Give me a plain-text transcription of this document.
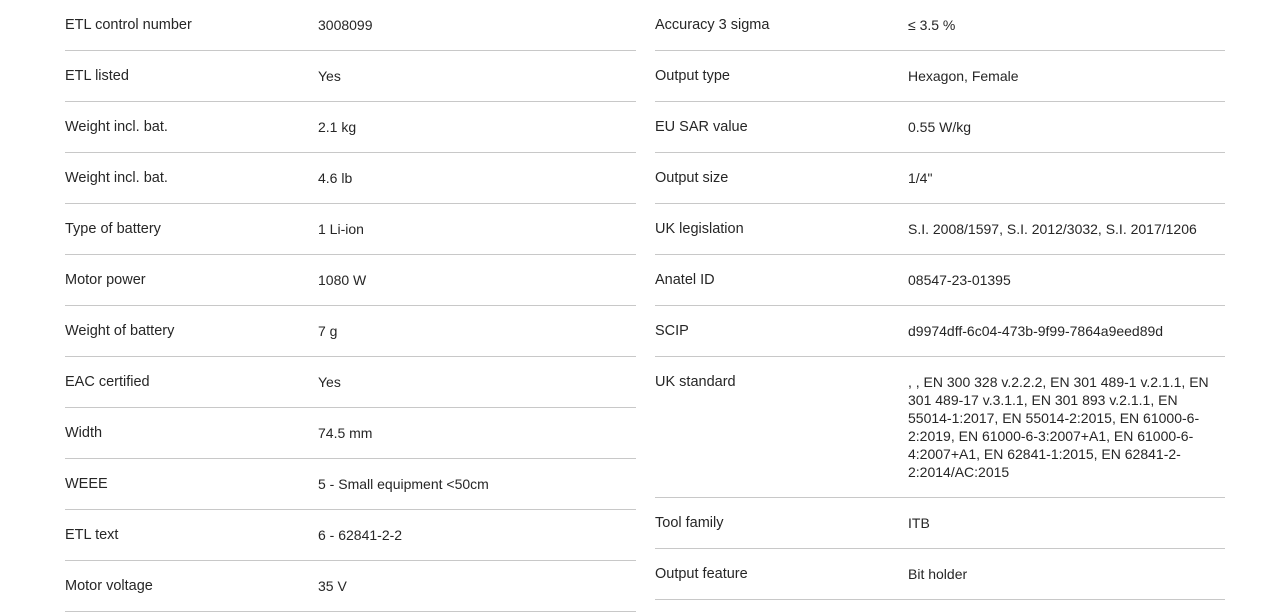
ETL control number	3008099
ETL listed	Yes
Weight incl. bat.	2.1 kg
Weight incl. bat.	4.6 lb
Type of battery	1 Li-ion
Motor power	1080 W
Weight of battery	7 g
EAC certified	Yes
Width	74.5 mm
WEEE	5 - Small equipment <50cm
ETL text	6 - 62841-2-2
Motor voltage	35 V
Accuracy 3 sigma	≤ 3.5 %
Output type	Hexagon, Female
EU SAR value	0.55 W/kg
Output size	1/4"
UK legislation	S.I. 2008/1597, S.I. 2012/3032, S.I. 2017/1206
Anatel ID	08547-23-01395
SCIP	d9974dff-6c04-473b-9f99-7864a9eed89d
UK standard	, , EN 300 328 v.2.2.2, EN 301 489-1 v.2.1.1, EN 301 489-17 v.3.1.1, EN 301 893 v.2.1.1, EN 55014-1:2017, EN 55014-2:2015, EN 61000-6-2:2019, EN 61000-6-3:2007+A1, EN 61000-6-4:2007+A1, EN 62841-1:2015, EN 62841-2-2:2014/AC:2015
Tool family	ITB
Output feature	Bit holder
